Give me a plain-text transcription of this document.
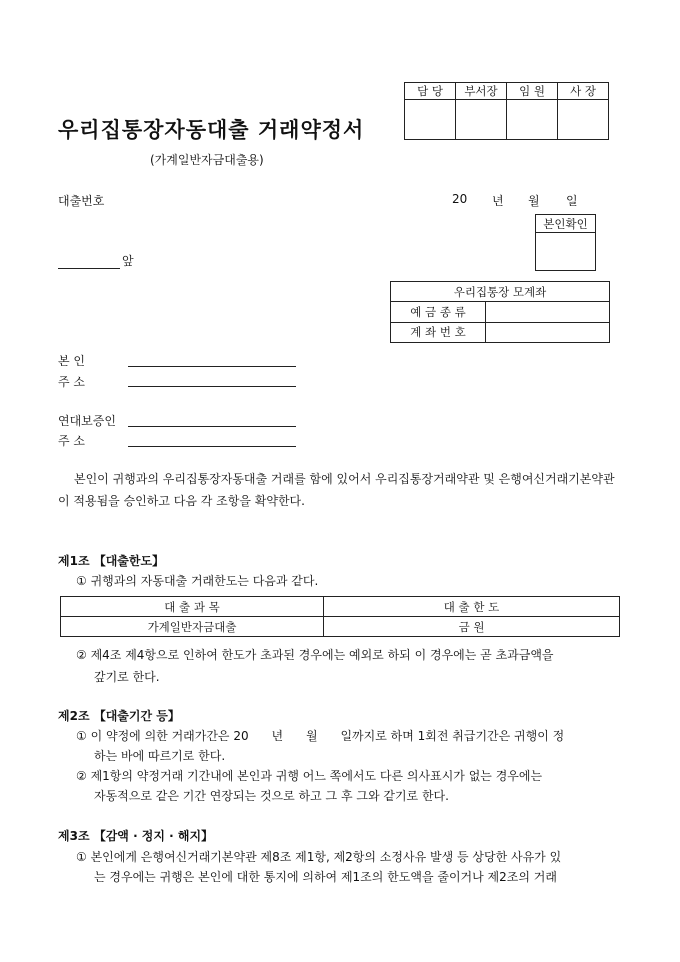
우리집통장자동대출 거래약정서
(가계일반자금대출용)
담 당	부서장	임 원	사 장

대출번호	20 년 월 일
본인확인

앞
우리집통장 모계좌	
예 금 종 류	
계 좌 번 호	
본 인
주 소
연대보증인
주 소
본인이 귀행과의 우리집통장자동대출 거래를 함에 있어서 우리집통장거래약관 및 은행여신거래기본약관이 적용됨을 승인하고 다음 각 조항을 확약한다.
제1조 【대출한도】
① 귀행과의 자동대출 거래한도는 다음과 같다.
대 출 과 목	대 출 한 도
가계일반자금대출	금 원
② 제4조 제4항으로 인하여 한도가 초과된 경우에는 예외로 하되 이 경우에는 곧 초과금액을
갚기로 한다.
제2조 【대출기간 등】
① 이 약정에 의한 거래가간은 20      년      월      일까지로 하며 1회전 취급기간은 귀행이 정
하는 바에 따르기로 한다.
② 제1항의 약정거래 기간내에 본인과 귀행 어느 쪽에서도 다른 의사표시가 없는 경우에는
자동적으로 같은 기간 연장되는 것으로 하고 그 후 그와 같기로 한다.
제3조 【감액 · 정지 · 해지】
① 본인에게 은행여신거래기본약관 제8조 제1항, 제2항의 소정사유 발생 등 상당한 사유가 있
는 경우에는 귀행은 본인에 대한 통지에 의하여 제1조의 한도액을 줄이거나 제2조의 거래
